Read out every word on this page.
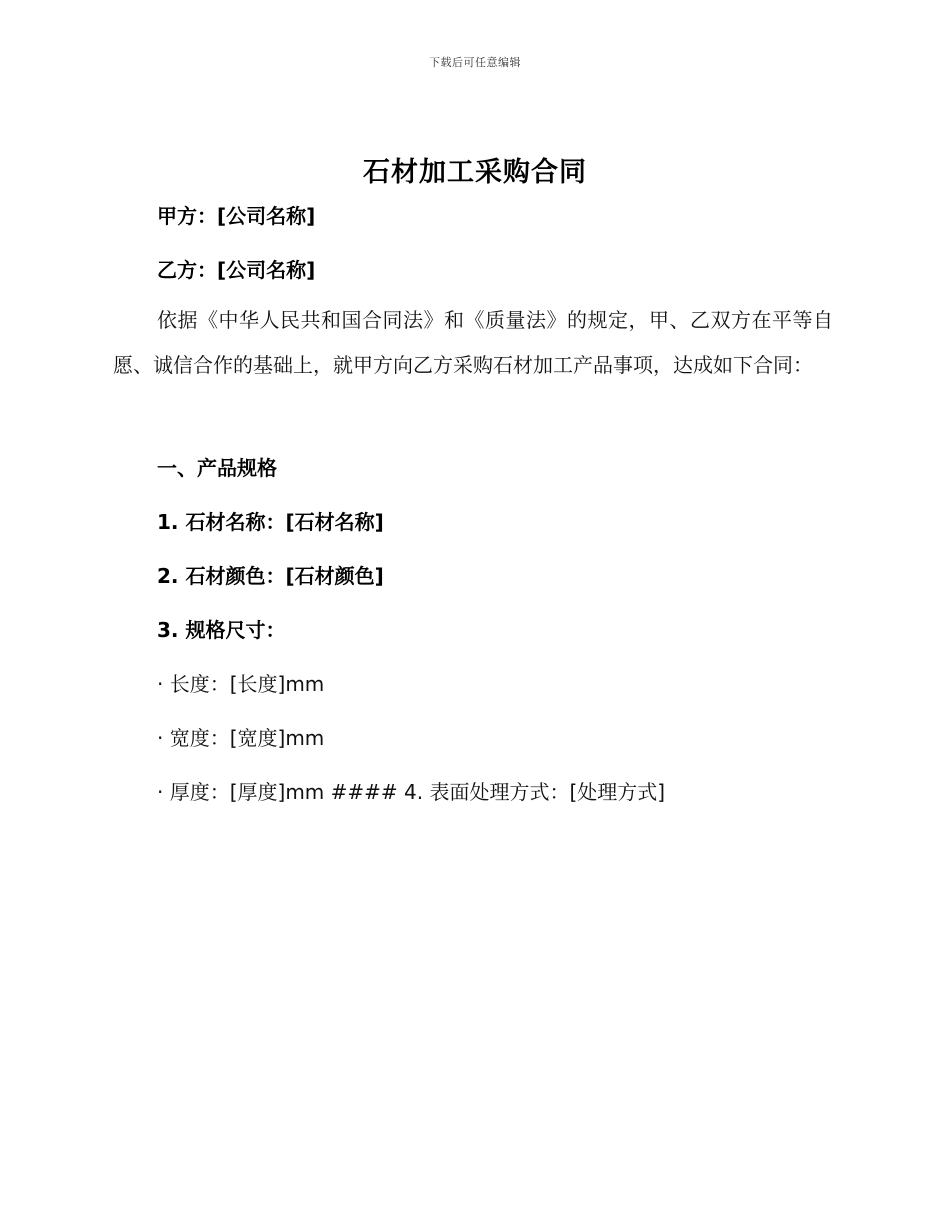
下载后可任意编辑
石材加工采购合同
甲方：[公司名称]
乙方：[公司名称]
依据《中华人民共和国合同法》和《质量法》的规定，甲、乙双方在平等自愿、诚信合作的基础上，就甲方向乙方采购石材加工产品事项，达成如下合同：
一、产品规格
1. 石材名称：[石材名称]
2. 石材颜色：[石材颜色]
3. 规格尺寸：
· 长度：[长度]mm
· 宽度：[宽度]mm
· 厚度：[厚度]mm #### 4. 表面处理方式：[处理方式]
